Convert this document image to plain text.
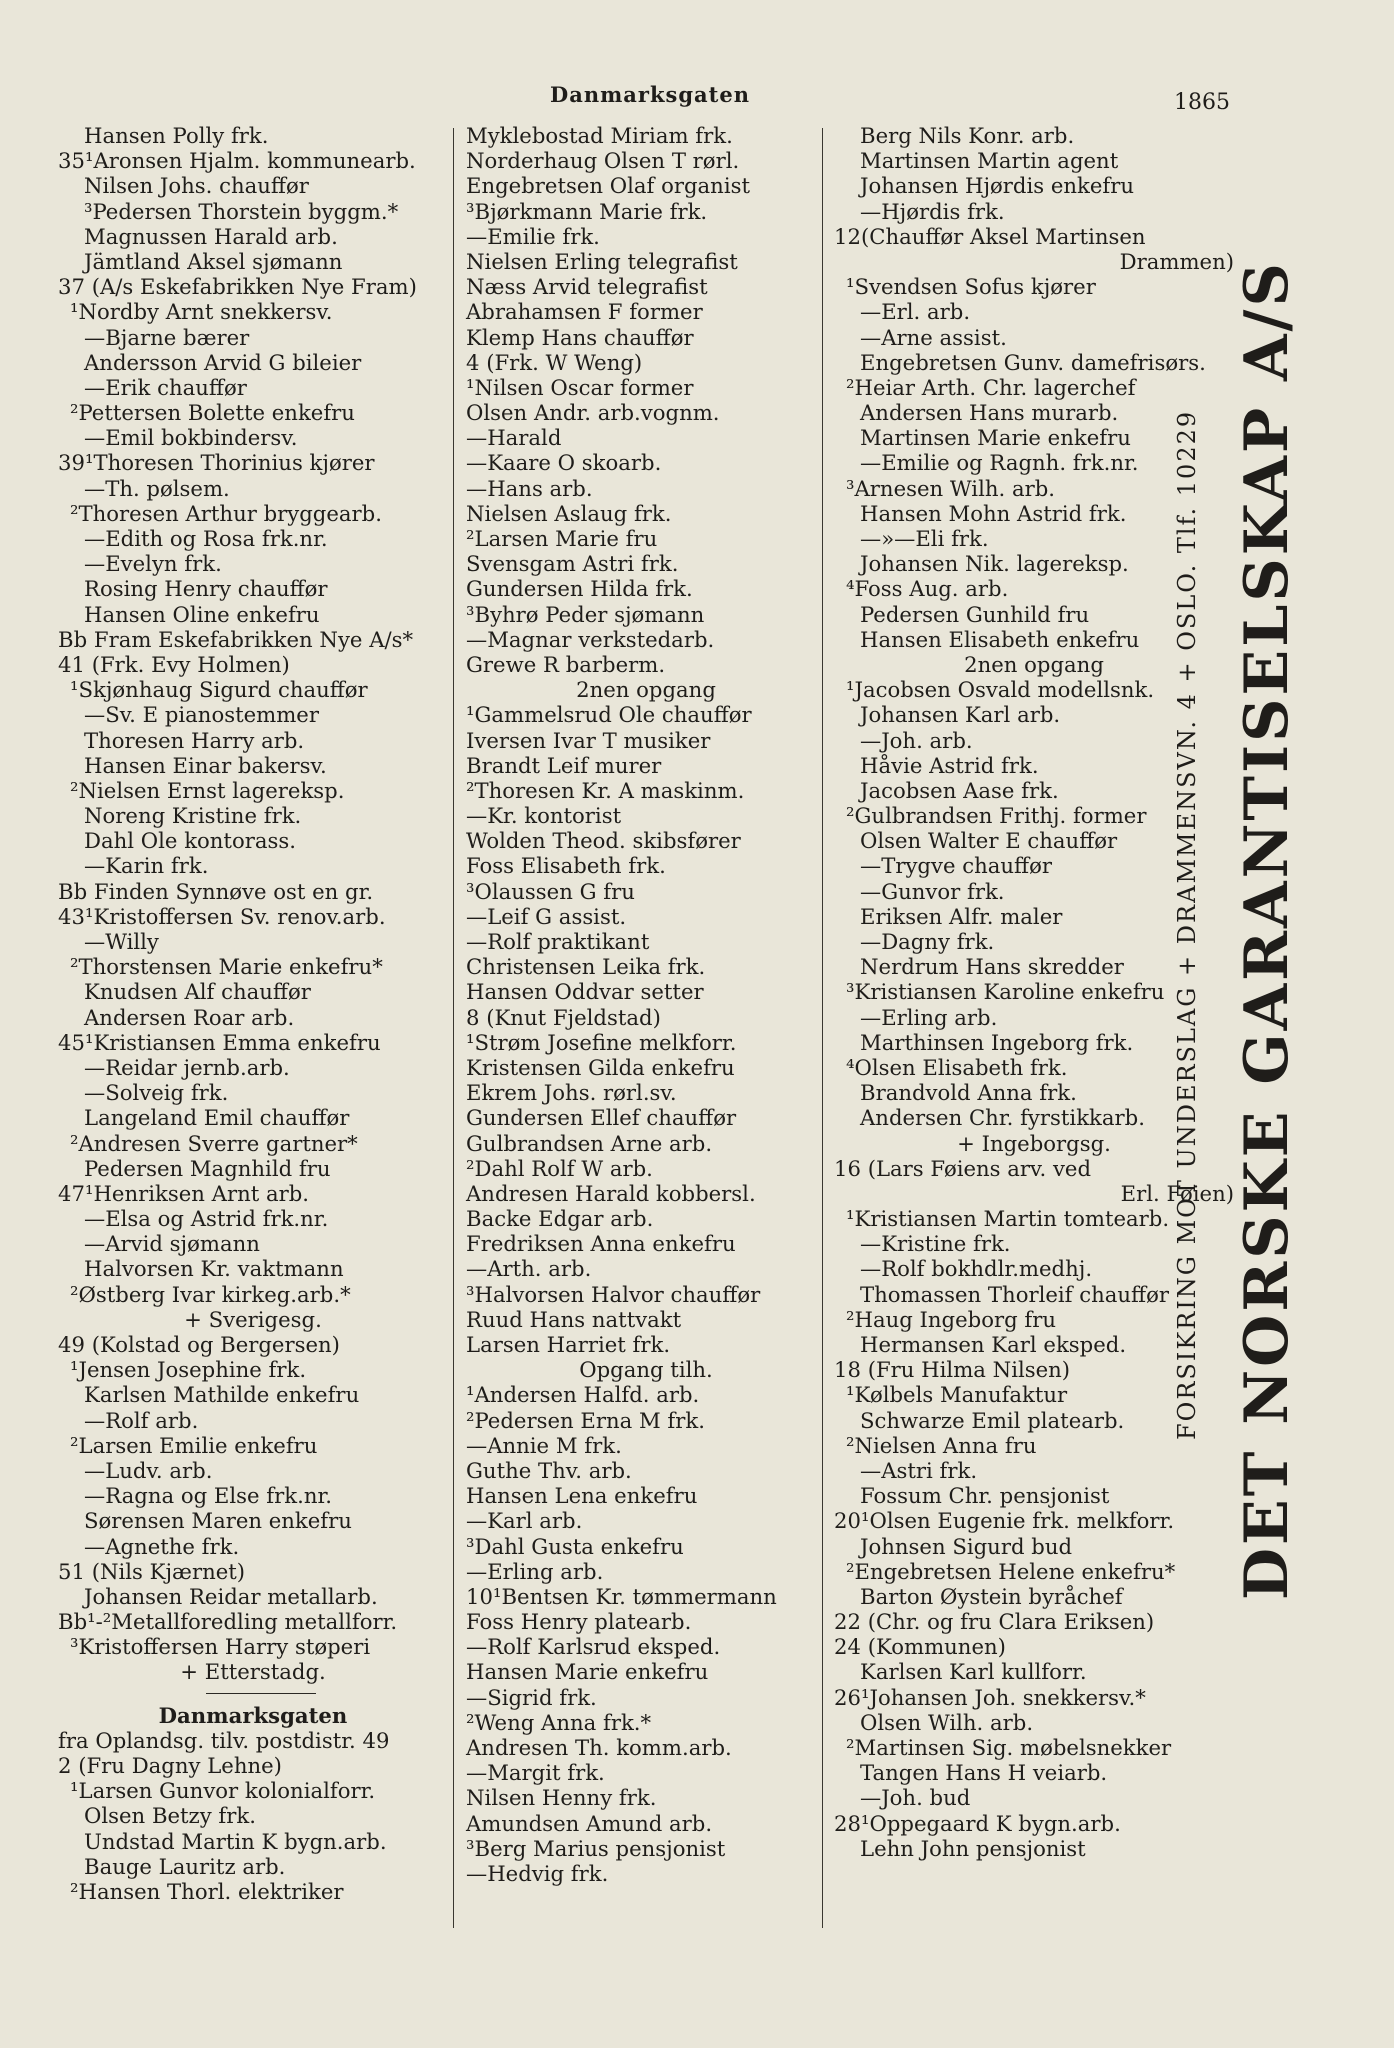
Danmarksgaten	1865
Hansen Polly frk.
35¹Aronsen Hjalm. kommunearb.
Nilsen Johs. chauffør
³Pedersen Thorstein byggm.*
Magnussen Harald arb.
Jämtland Aksel sjømann
37 (A/s Eskefabrikken Nye Fram)
¹Nordby Arnt snekkersv.
—Bjarne bærer
Andersson Arvid G bileier
—Erik chauffør
²Pettersen Bolette enkefru
—Emil bokbindersv.
39¹Thoresen Thorinius kjører
—Th. pølsem.
²Thoresen Arthur bryggearb.
—Edith og Rosa frk.nr.
—Evelyn frk.
Rosing Henry chauffør
Hansen Oline enkefru
Bb Fram Eskefabrikken Nye A/s*
41 (Frk. Evy Holmen)
¹Skjønhaug Sigurd chauffør
—Sv. E pianostemmer
Thoresen Harry arb.
Hansen Einar bakersv.
²Nielsen Ernst lagereksp.
Noreng Kristine frk.
Dahl Ole kontorass.
—Karin frk.
Bb Finden Synnøve ost en gr.
43¹Kristoffersen Sv. renov.arb.
—Willy
²Thorstensen Marie enkefru*
Knudsen Alf chauffør
Andersen Roar arb.
45¹Kristiansen Emma enkefru
—Reidar jernb.arb.
—Solveig frk.
Langeland Emil chauffør
²Andresen Sverre gartner*
Pedersen Magnhild fru
47¹Henriksen Arnt arb.
—Elsa og Astrid frk.nr.
—Arvid sjømann
Halvorsen Kr. vaktmann
²Østberg Ivar kirkeg.arb.*
+ Sverigesg.
49 (Kolstad og Bergersen)
¹Jensen Josephine frk.
Karlsen Mathilde enkefru
—Rolf arb.
²Larsen Emilie enkefru
—Ludv. arb.
—Ragna og Else frk.nr.
Sørensen Maren enkefru
—Agnethe frk.
51 (Nils Kjærnet)
Johansen Reidar metallarb.
Bb¹-²Metallforedling metallforr.
³Kristoffersen Harry støperi
+ Etterstadg.
Danmarksgaten
fra Oplandsg. tilv. postdistr. 49
2 (Fru Dagny Lehne)
¹Larsen Gunvor kolonialforr.
Olsen Betzy frk.
Undstad Martin K bygn.arb.
Bauge Lauritz arb.
²Hansen Thorl. elektriker
Myklebostad Miriam frk.
Norderhaug Olsen T rørl.
Engebretsen Olaf organist
³Bjørkmann Marie frk.
—Emilie frk.
Nielsen Erling telegrafist
Næss Arvid telegrafist
Abrahamsen F former
Klemp Hans chauffør
4 (Frk. W Weng)
¹Nilsen Oscar former
Olsen Andr. arb.vognm.
—Harald
—Kaare O skoarb.
—Hans arb.
Nielsen Aslaug frk.
²Larsen Marie fru
Svensgam Astri frk.
Gundersen Hilda frk.
³Byhrø Peder sjømann
—Magnar verkstedarb.
Grewe R barberm.
2nen opgang
¹Gammelsrud Ole chauffør
Iversen Ivar T musiker
Brandt Leif murer
²Thoresen Kr. A maskinm.
—Kr. kontorist
Wolden Theod. skibsfører
Foss Elisabeth frk.
³Olaussen G fru
—Leif G assist.
—Rolf praktikant
Christensen Leika frk.
Hansen Oddvar setter
8 (Knut Fjeldstad)
¹Strøm Josefine melkforr.
Kristensen Gilda enkefru
Ekrem Johs. rørl.sv.
Gundersen Ellef chauffør
Gulbrandsen Arne arb.
²Dahl Rolf W arb.
Andresen Harald kobbersl.
Backe Edgar arb.
Fredriksen Anna enkefru
—Arth. arb.
³Halvorsen Halvor chauffør
Ruud Hans nattvakt
Larsen Harriet frk.
Opgang tilh.
¹Andersen Halfd. arb.
²Pedersen Erna M frk.
—Annie M frk.
Guthe Thv. arb.
Hansen Lena enkefru
—Karl arb.
³Dahl Gusta enkefru
—Erling arb.
10¹Bentsen Kr. tømmermann
Foss Henry platearb.
—Rolf Karlsrud eksped.
Hansen Marie enkefru
—Sigrid frk.
²Weng Anna frk.*
Andresen Th. komm.arb.
—Margit frk.
Nilsen Henny frk.
Amundsen Amund arb.
³Berg Marius pensjonist
—Hedvig frk.
Berg Nils Konr. arb.
Martinsen Martin agent
Johansen Hjørdis enkefru
—Hjørdis frk.
12(Chauffør Aksel Martinsen
Drammen)
¹Svendsen Sofus kjører
—Erl. arb.
—Arne assist.
Engebretsen Gunv. damefrisørs.
²Heiar Arth. Chr. lagerchef
Andersen Hans murarb.
Martinsen Marie enkefru
—Emilie og Ragnh. frk.nr.
³Arnesen Wilh. arb.
Hansen Mohn Astrid frk.
—»—Eli frk.
Johansen Nik. lagereksp.
⁴Foss Aug. arb.
Pedersen Gunhild fru
Hansen Elisabeth enkefru
2nen opgang
¹Jacobsen Osvald modellsnk.
Johansen Karl arb.
—Joh. arb.
Håvie Astrid frk.
Jacobsen Aase frk.
²Gulbrandsen Frithj. former
Olsen Walter E chauffør
—Trygve chauffør
—Gunvor frk.
Eriksen Alfr. maler
—Dagny frk.
Nerdrum Hans skredder
³Kristiansen Karoline enkefru
—Erling arb.
Marthinsen Ingeborg frk.
⁴Olsen Elisabeth frk.
Brandvold Anna frk.
Andersen Chr. fyrstikkarb.
+ Ingeborgsg.
16 (Lars Føiens arv. ved
Erl. Føien)
¹Kristiansen Martin tomtearb.
—Kristine frk.
—Rolf bokhdlr.medhj.
Thomassen Thorleif chauffør
²Haug Ingeborg fru
Hermansen Karl eksped.
18 (Fru Hilma Nilsen)
¹Kølbels Manufaktur
Schwarze Emil platearb.
²Nielsen Anna fru
—Astri frk.
Fossum Chr. pensjonist
20¹Olsen Eugenie frk. melkforr.
Johnsen Sigurd bud
²Engebretsen Helene enkefru*
Barton Øystein byråchef
22 (Chr. og fru Clara Eriksen)
24 (Kommunen)
Karlsen Karl kullforr.
26¹Johansen Joh. snekkersv.*
Olsen Wilh. arb.
²Martinsen Sig. møbelsnekker
Tangen Hans H veiarb.
—Joh. bud
28¹Oppegaard K bygn.arb.
Lehn John pensjonist
DET NORSKE GARANTISELSKAP A/S
FORSIKRING MOT UNDERSLAG + DRAMMENSVN. 4 + OSLO. Tlf. 10229
